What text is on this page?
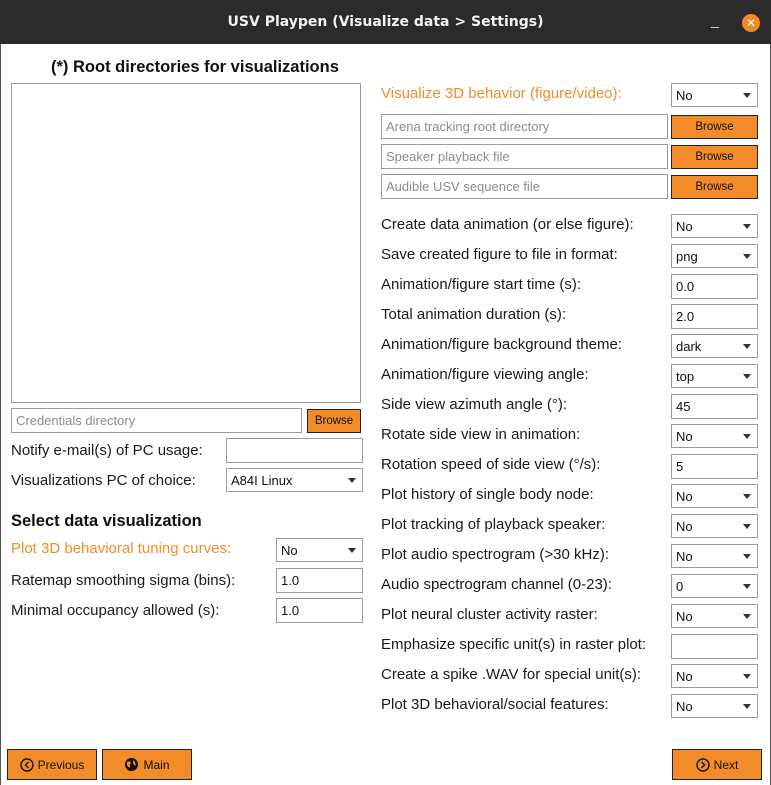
USV Playpen (Visualize data > Settings)	_	✕
(*) Root directories for visualizations
Credentials directory	Browse
Notify e-mail(s) of PC usage:
Visualizations PC of choice:	A84I Linux
Select data visualization
Plot 3D behavioral tuning curves:	No
Ratemap smoothing sigma (bins):	1.0
Minimal occupancy allowed (s):	1.0
Visualize 3D behavior (figure/video):	No
Arena tracking root directory	Browse
Speaker playback file	Browse
Audible USV sequence file	Browse
Create data animation (or else figure):	No
Save created figure to file in format:	png
Animation/figure start time (s):	0.0
Total animation duration (s):	2.0
Animation/figure background theme:	dark
Animation/figure viewing angle:	top
Side view azimuth angle (°):	45
Rotate side view in animation:	No
Rotation speed of side view (°/s):	5
Plot history of single body node:	No
Plot tracking of playback speaker:	No
Plot audio spectrogram (>30 kHz):	No
Audio spectrogram channel (0-23):	0
Plot neural cluster activity raster:	No
Emphasize specific unit(s) in raster plot:
Create a spike .WAV for special unit(s):	No
Plot 3D behavioral/social features:	No
Previous	Main	Next
